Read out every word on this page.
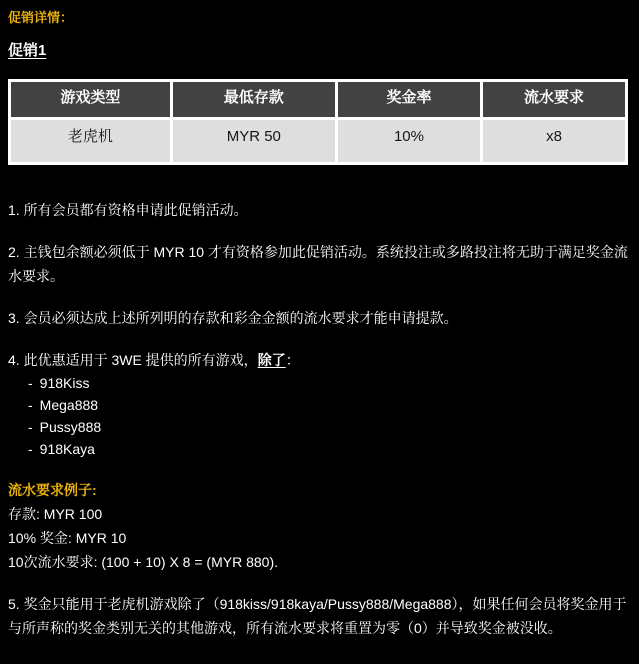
促销详情：
促销1
游戏类型	最低存款	奖金率	流水要求
老虎机	MYR 50	10%	x8

1. 所有会员都有资格申请此促销活动。

2. 主钱包余额必须低于 MYR 10 才有资格参加此促销活动。系统投注或多路投注将无助于满足奖金流水要求。

3. 会员必须达成上述所列明的存款和彩金金额的流水要求才能申请提款。

4. 此优惠适用于 3WE 提供的所有游戏，除了：

- 918Kiss
- Mega888
- Pussy888
- 918Kaya

流水要求例子:

存款: MYR 100

10% 奖金: MYR 10

10次流水要求: (100 + 10) X 8 = (MYR 880).

5. 奖金只能用于老虎机游戏除了（918kiss/918kaya/Pussy888/Mega888），如果任何会员将奖金用于与所声称的奖金类别无关的其他游戏，所有流水要求将重置为零（0）并导致奖金被没收。
